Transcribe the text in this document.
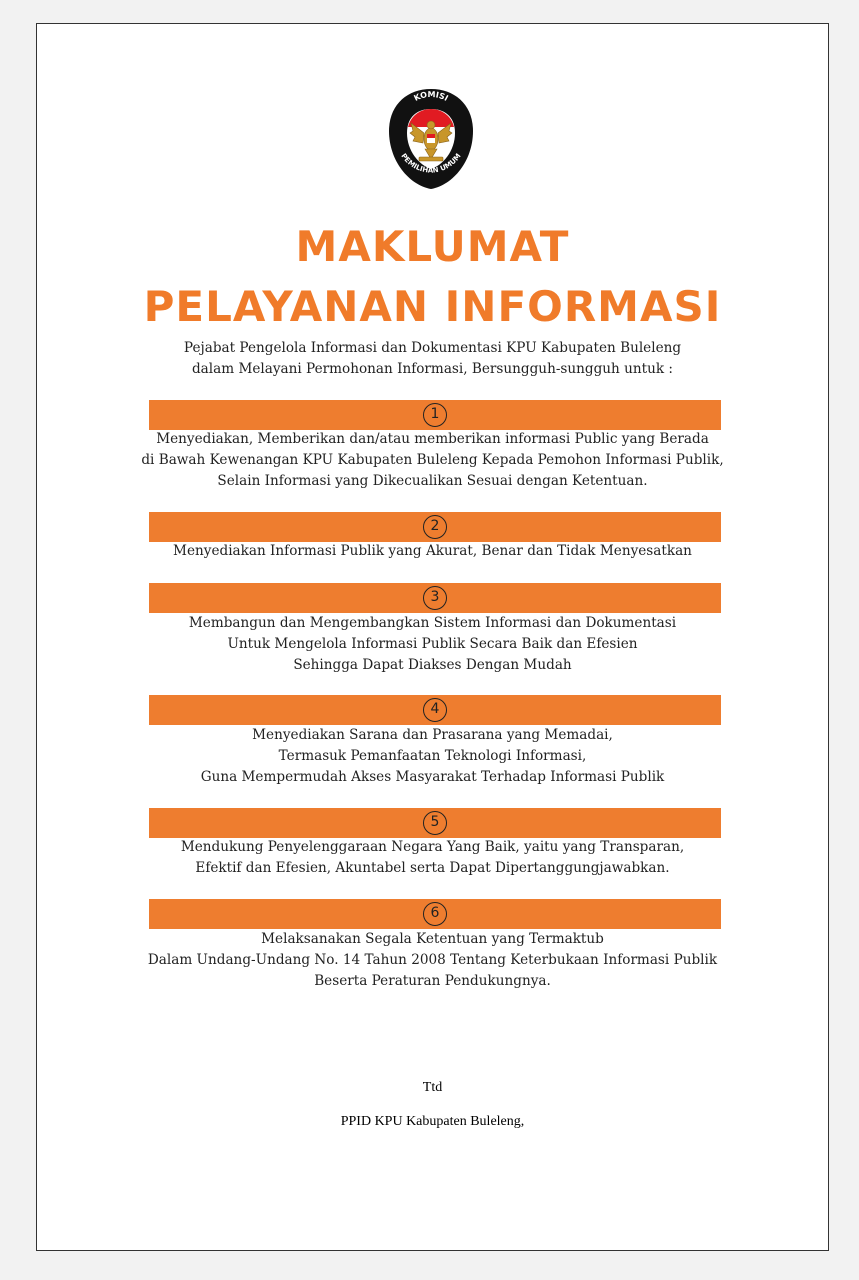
KOMISI
PEMILIHAN UMUM
MAKLUMAT
PELAYANAN INFORMASI
Pejabat Pengelola Informasi dan Dokumentasi KPU Kabupaten Buleleng
dalam Melayani Permohonan Informasi, Bersungguh-sungguh untuk :
1
Menyediakan, Memberikan dan/atau memberikan informasi Public yang Berada
di Bawah Kewenangan KPU Kabupaten Buleleng Kepada Pemohon Informasi Publik,
Selain Informasi yang Dikecualikan Sesuai dengan Ketentuan.
2
Menyediakan Informasi Publik yang Akurat, Benar dan Tidak Menyesatkan
3
Membangun dan Mengembangkan Sistem Informasi dan Dokumentasi
Untuk Mengelola Informasi Publik Secara Baik dan Efesien
Sehingga Dapat Diakses Dengan Mudah
4
Menyediakan Sarana dan Prasarana yang Memadai,
Termasuk Pemanfaatan Teknologi Informasi,
Guna Mempermudah Akses Masyarakat Terhadap Informasi Publik
5
Mendukung Penyelenggaraan Negara Yang Baik, yaitu yang Transparan,
Efektif dan Efesien, Akuntabel serta Dapat Dipertanggungjawabkan.
6
Melaksanakan Segala Ketentuan yang Termaktub
Dalam Undang-Undang No. 14 Tahun 2008 Tentang Keterbukaan Informasi Publik
Beserta Peraturan Pendukungnya.
Ttd
PPID KPU Kabupaten Buleleng,
